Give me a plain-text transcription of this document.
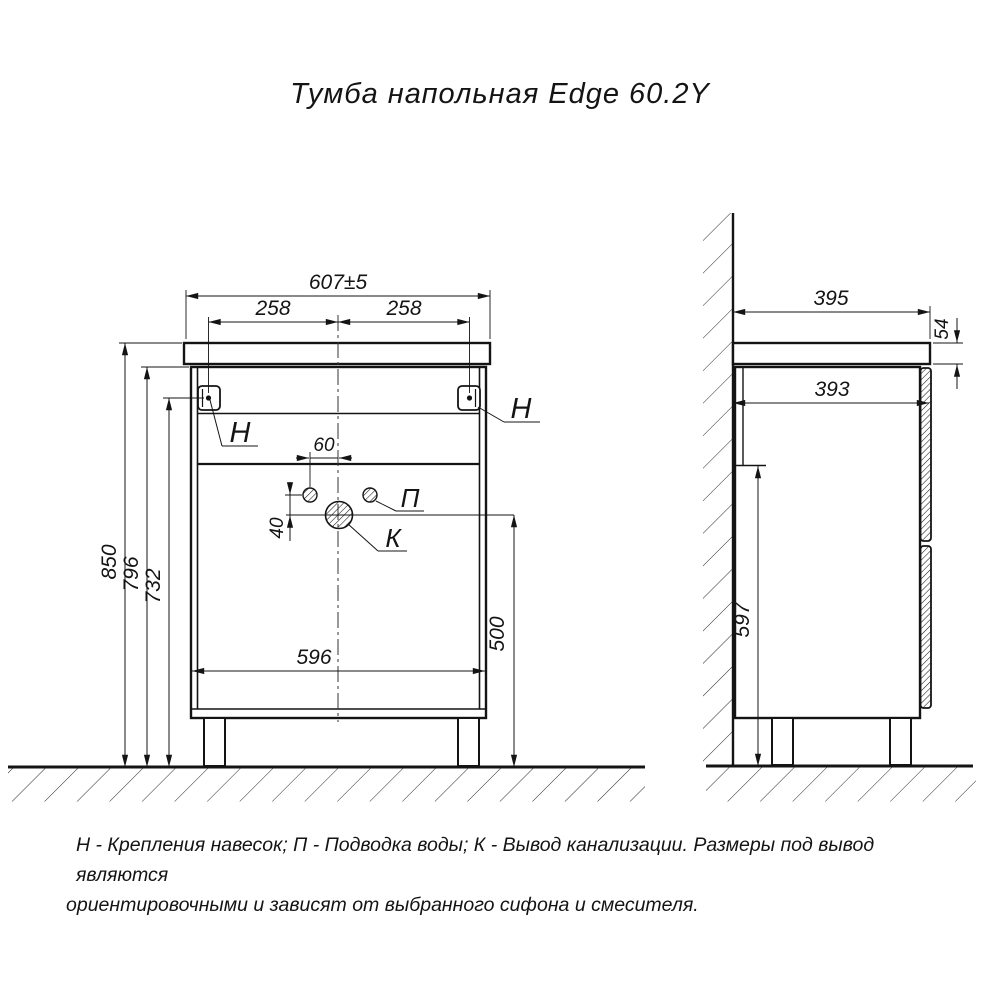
Тумба напольная Edge 60.2Y
607±5
258	258
60
40
596
500
850 796 732
Н
Н
П
К
395
54
393
597
Н - Крепления навесок; П - Подводка воды; К - Вывод канализации. Размеры под вывод являются
ориентировочными и зависят от выбранного сифона и смесителя.
